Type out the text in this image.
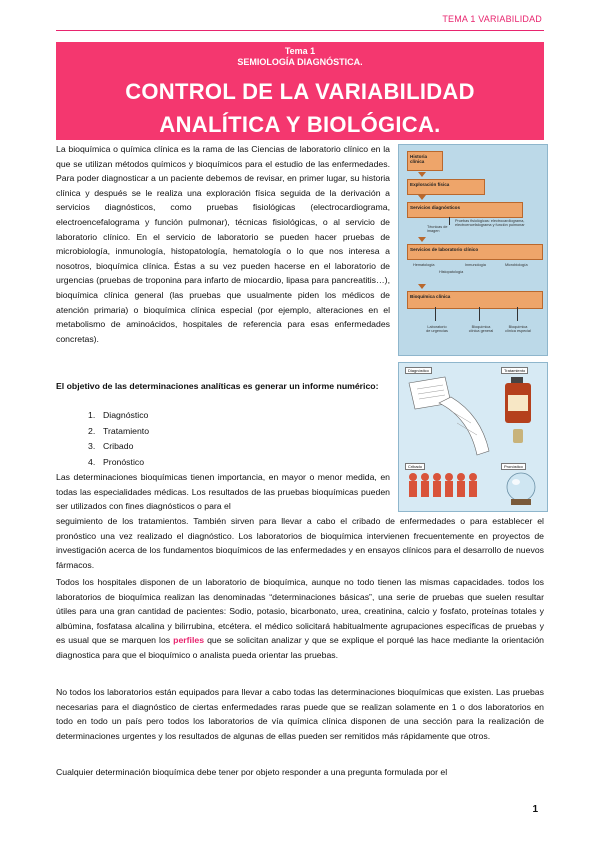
TEMA 1 VARIABILIDAD
Tema 1
SEMIOLOGÍA DIAGNÓSTICA.
CONTROL DE LA VARIABILIDAD
ANALÍTICA Y BIOLÓGICA.
La bioquímica o química clínica es la rama de las Ciencias de laboratorio clínico en la que se utilizan métodos químicos y bioquímicos para el estudio de las enfermedades. Para poder diagnosticar a un paciente debemos de revisar, en primer lugar, su historia clínica y después se le realiza una exploración física seguida de la derivación a servicios diagnósticos, como pruebas fisiológicas (electrocardiograma, electroencefalograma y función pulmonar), técnicas fisiológicas, o al servicio de laboratorio clínico. En el servicio de laboratorio se pueden hacer pruebas de microbiología, inmunología, histopatología, hematología o lo que nos interesa a nosotros, bioquímica clínica. Éstas a su vez pueden hacerse en el laboratorio de urgencias (pruebas de troponina para infarto de miocardio, lipasa para pancreatitis…), bioquímica clínica general (las pruebas que usualmente piden los médicos de atención primaria) o bioquímica clínica especial (por ejemplo, alteraciones en el metabolismo de aminoácidos, hospitales de referencia para esas enfermedades concretas).
El objetivo de las determinaciones analíticas es generar un informe numérico:
1. Diagnóstico
2. Tratamiento
3. Cribado
4. Pronóstico
Las determinaciones bioquímicas tienen importancia, en mayor o menor medida, en todas las especialidades médicas. Los resultados de las pruebas bioquímicas pueden ser utilizados con fines diagnósticos o para el
seguimiento de los tratamientos. También sirven para llevar a cabo el cribado de enfermedades o para establecer el pronóstico una vez realizado el diagnóstico. Los laboratorios de bioquímica intervienen frecuentemente en proyectos de investigación acerca de los fundamentos bioquímicos de las enfermedades y en ensayos clínicos para el desarrollo de nuevos fármacos.
Todos los hospitales disponen de un laboratorio de bioquímica, aunque no todo tienen las mismas capacidades. todos los laboratorios de bioquímica realizan las denominadas “determinaciones básicas”, una serie de pruebas que suelen resultar útiles para una gran cantidad de pacientes: Sodio, potasio, bicarbonato, urea, creatinina, calcio y fosfato, proteínas totales y albúmina, fosfatasa alcalina y bilirrubina, etcétera. el médico solicitará habitualmente agrupaciones específicas de pruebas y es usual que se marquen los perfiles que se solicitan analizar y que se explique el porqué las hace mediante la orientación diagnostica para que el bioquímico o analista pueda orientar las pruebas.
No todos los laboratorios están equipados para llevar a cabo todas las determinaciones bioquímicas que existen. Las pruebas necesarias para el diagnóstico de ciertas enfermedades raras puede que se realizan solamente en 1 o dos laboratorios en todo en todo un país pero todos los laboratorios de vía química clínica disponen de una sección para la realización de determinaciones urgentes y los resultados de algunas de ellas pueden ser remitidos más rápidamente que otros.
Cualquier determinación bioquímica debe tener por objeto responder a una pregunta formulada por el
Historia clínica
Exploración física
Servicios diagnósticos
Pruebas fisiológicas: electrocardiograma, electroencefalograma y función pulmonar
Técnicas de imagen
Servicios de laboratorio clínico
Hematología	Inmunología	Microbiología
Histopatología
Bioquímica clínica
Laboratorio de urgencias
Bioquímica clínica general
Bioquímica clínica especial
Diagnóstico	Tratamiento
Cribado	Pronóstico
1
